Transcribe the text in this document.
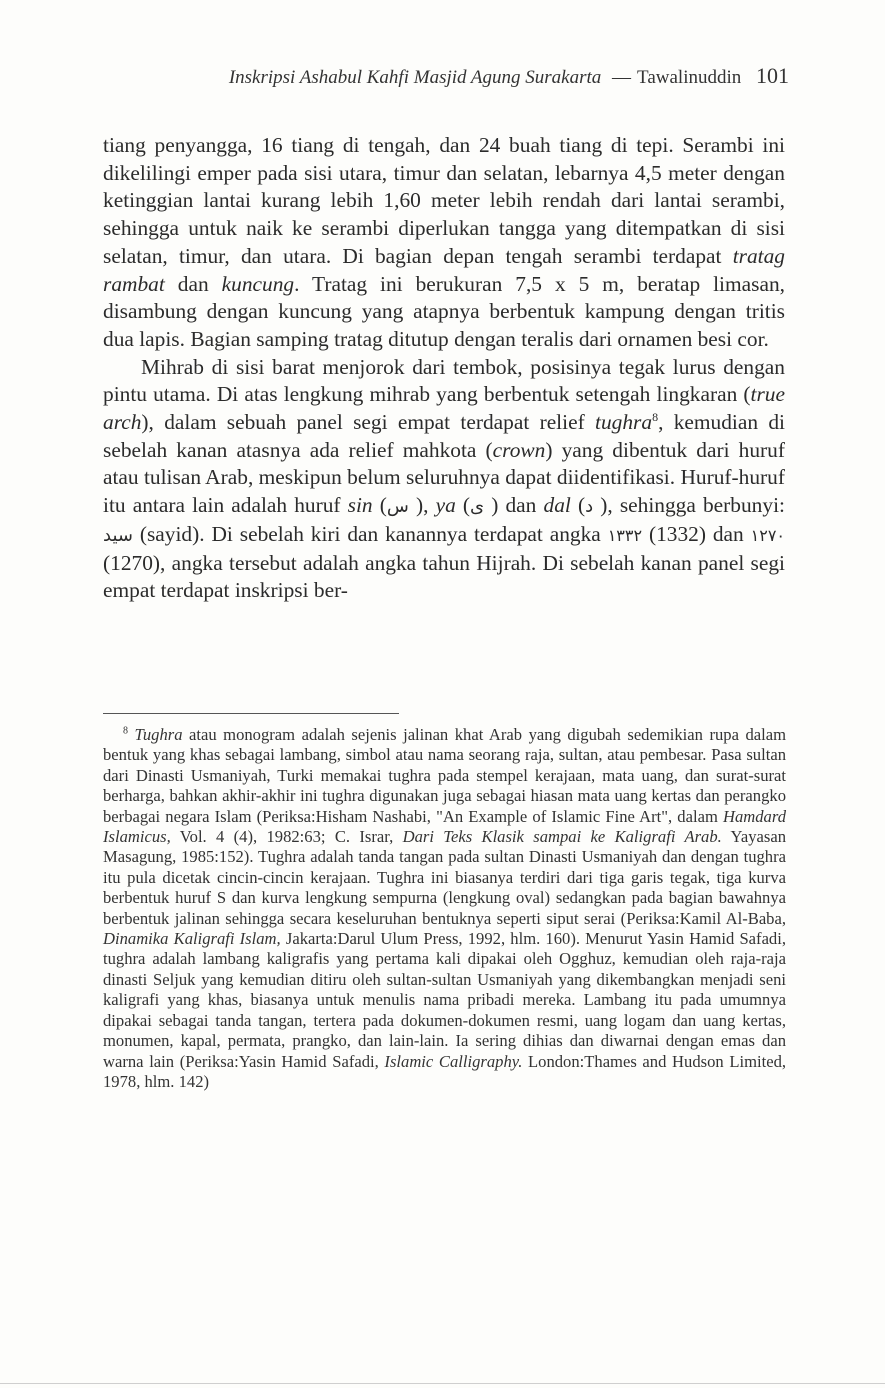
Inskripsi Ashabul Kahfi Masjid Agung Surakarta — Tawalinuddin 101

tiang penyangga, 16 tiang di tengah, dan 24 buah tiang di tepi. Serambi ini dikelilingi emper pada sisi utara, timur dan selatan, lebarnya 4,5 meter dengan ketinggian lantai kurang lebih 1,60 meter lebih rendah dari lantai serambi, sehingga untuk naik ke serambi diperlukan tangga yang ditempatkan di sisi selatan, timur, dan utara. Di bagian depan tengah serambi terdapat tratag rambat dan kuncung. Tratag ini berukuran 7,5 x 5 m, beratap limasan, disambung dengan kuncung yang atapnya berbentuk kampung dengan tritis dua lapis. Bagian samping tratag ditutup dengan teralis dari ornamen besi cor.

Mihrab di sisi barat menjorok dari tembok, posisinya tegak lurus dengan pintu utama. Di atas lengkung mihrab yang berbentuk setengah lingkaran (true arch), dalam sebuah panel segi empat terdapat relief tughra$^8$, kemudian di sebelah kanan atasnya ada relief mahkota (crown) yang dibentuk dari huruf atau tulisan Arab, meskipun belum seluruhnya dapat diidentifikasi. Huruf-huruf itu antara lain adalah huruf sin (س ), ya (ى ) dan dal (د ), sehingga berbunyi: سيد (sayid). Di sebelah kiri dan kanannya terdapat angka ١٣٣٢ (1332) dan ١٢٧٠ (1270), angka tersebut adalah angka tahun Hijrah. Di sebelah kanan panel segi empat terdapat inskripsi ber-

$^8$ Tughra atau monogram adalah sejenis jalinan khat Arab yang digubah sedemikian rupa dalam bentuk yang khas sebagai lambang, simbol atau nama seorang raja, sultan, atau pembesar. Pasa sultan dari Dinasti Usmaniyah, Turki memakai tughra pada stempel kerajaan, mata uang, dan surat-surat berharga, bahkan akhir-akhir ini tughra digunakan juga sebagai hiasan mata uang kertas dan perangko berbagai negara Islam (Periksa:Hisham Nashabi, "An Example of Islamic Fine Art", dalam Hamdard Islamicus, Vol. 4 (4), 1982:63; C. Israr, Dari Teks Klasik sampai ke Kaligrafi Arab. Yayasan Masagung, 1985:152). Tughra adalah tanda tangan pada sultan Dinasti Usmaniyah dan dengan tughra itu pula dicetak cincin-cincin kerajaan. Tughra ini biasanya terdiri dari tiga garis tegak, tiga kurva berbentuk huruf S dan kurva lengkung sempurna (lengkung oval) sedangkan pada bagian bawahnya berbentuk jalinan sehingga secara keseluruhan bentuknya seperti siput serai (Periksa:Kamil Al-Baba, Dinamika Kaligrafi Islam, Jakarta:Darul Ulum Press, 1992, hlm. 160). Menurut Yasin Hamid Safadi, tughra adalah lambang kaligrafis yang pertama kali dipakai oleh Ogghuz, kemudian oleh raja-raja dinasti Seljuk yang kemudian ditiru oleh sultan-sultan Usmaniyah yang dikembangkan menjadi seni kaligrafi yang khas, biasanya untuk menulis nama pribadi mereka. Lambang itu pada umumnya dipakai sebagai tanda tangan, tertera pada dokumen-dokumen resmi, uang logam dan uang kertas, monumen, kapal, permata, prangko, dan lain-lain. Ia sering dihias dan diwarnai dengan emas dan warna lain (Periksa:Yasin Hamid Safadi, Islamic Calligraphy. London:Thames and Hudson Limited, 1978, hlm. 142)
